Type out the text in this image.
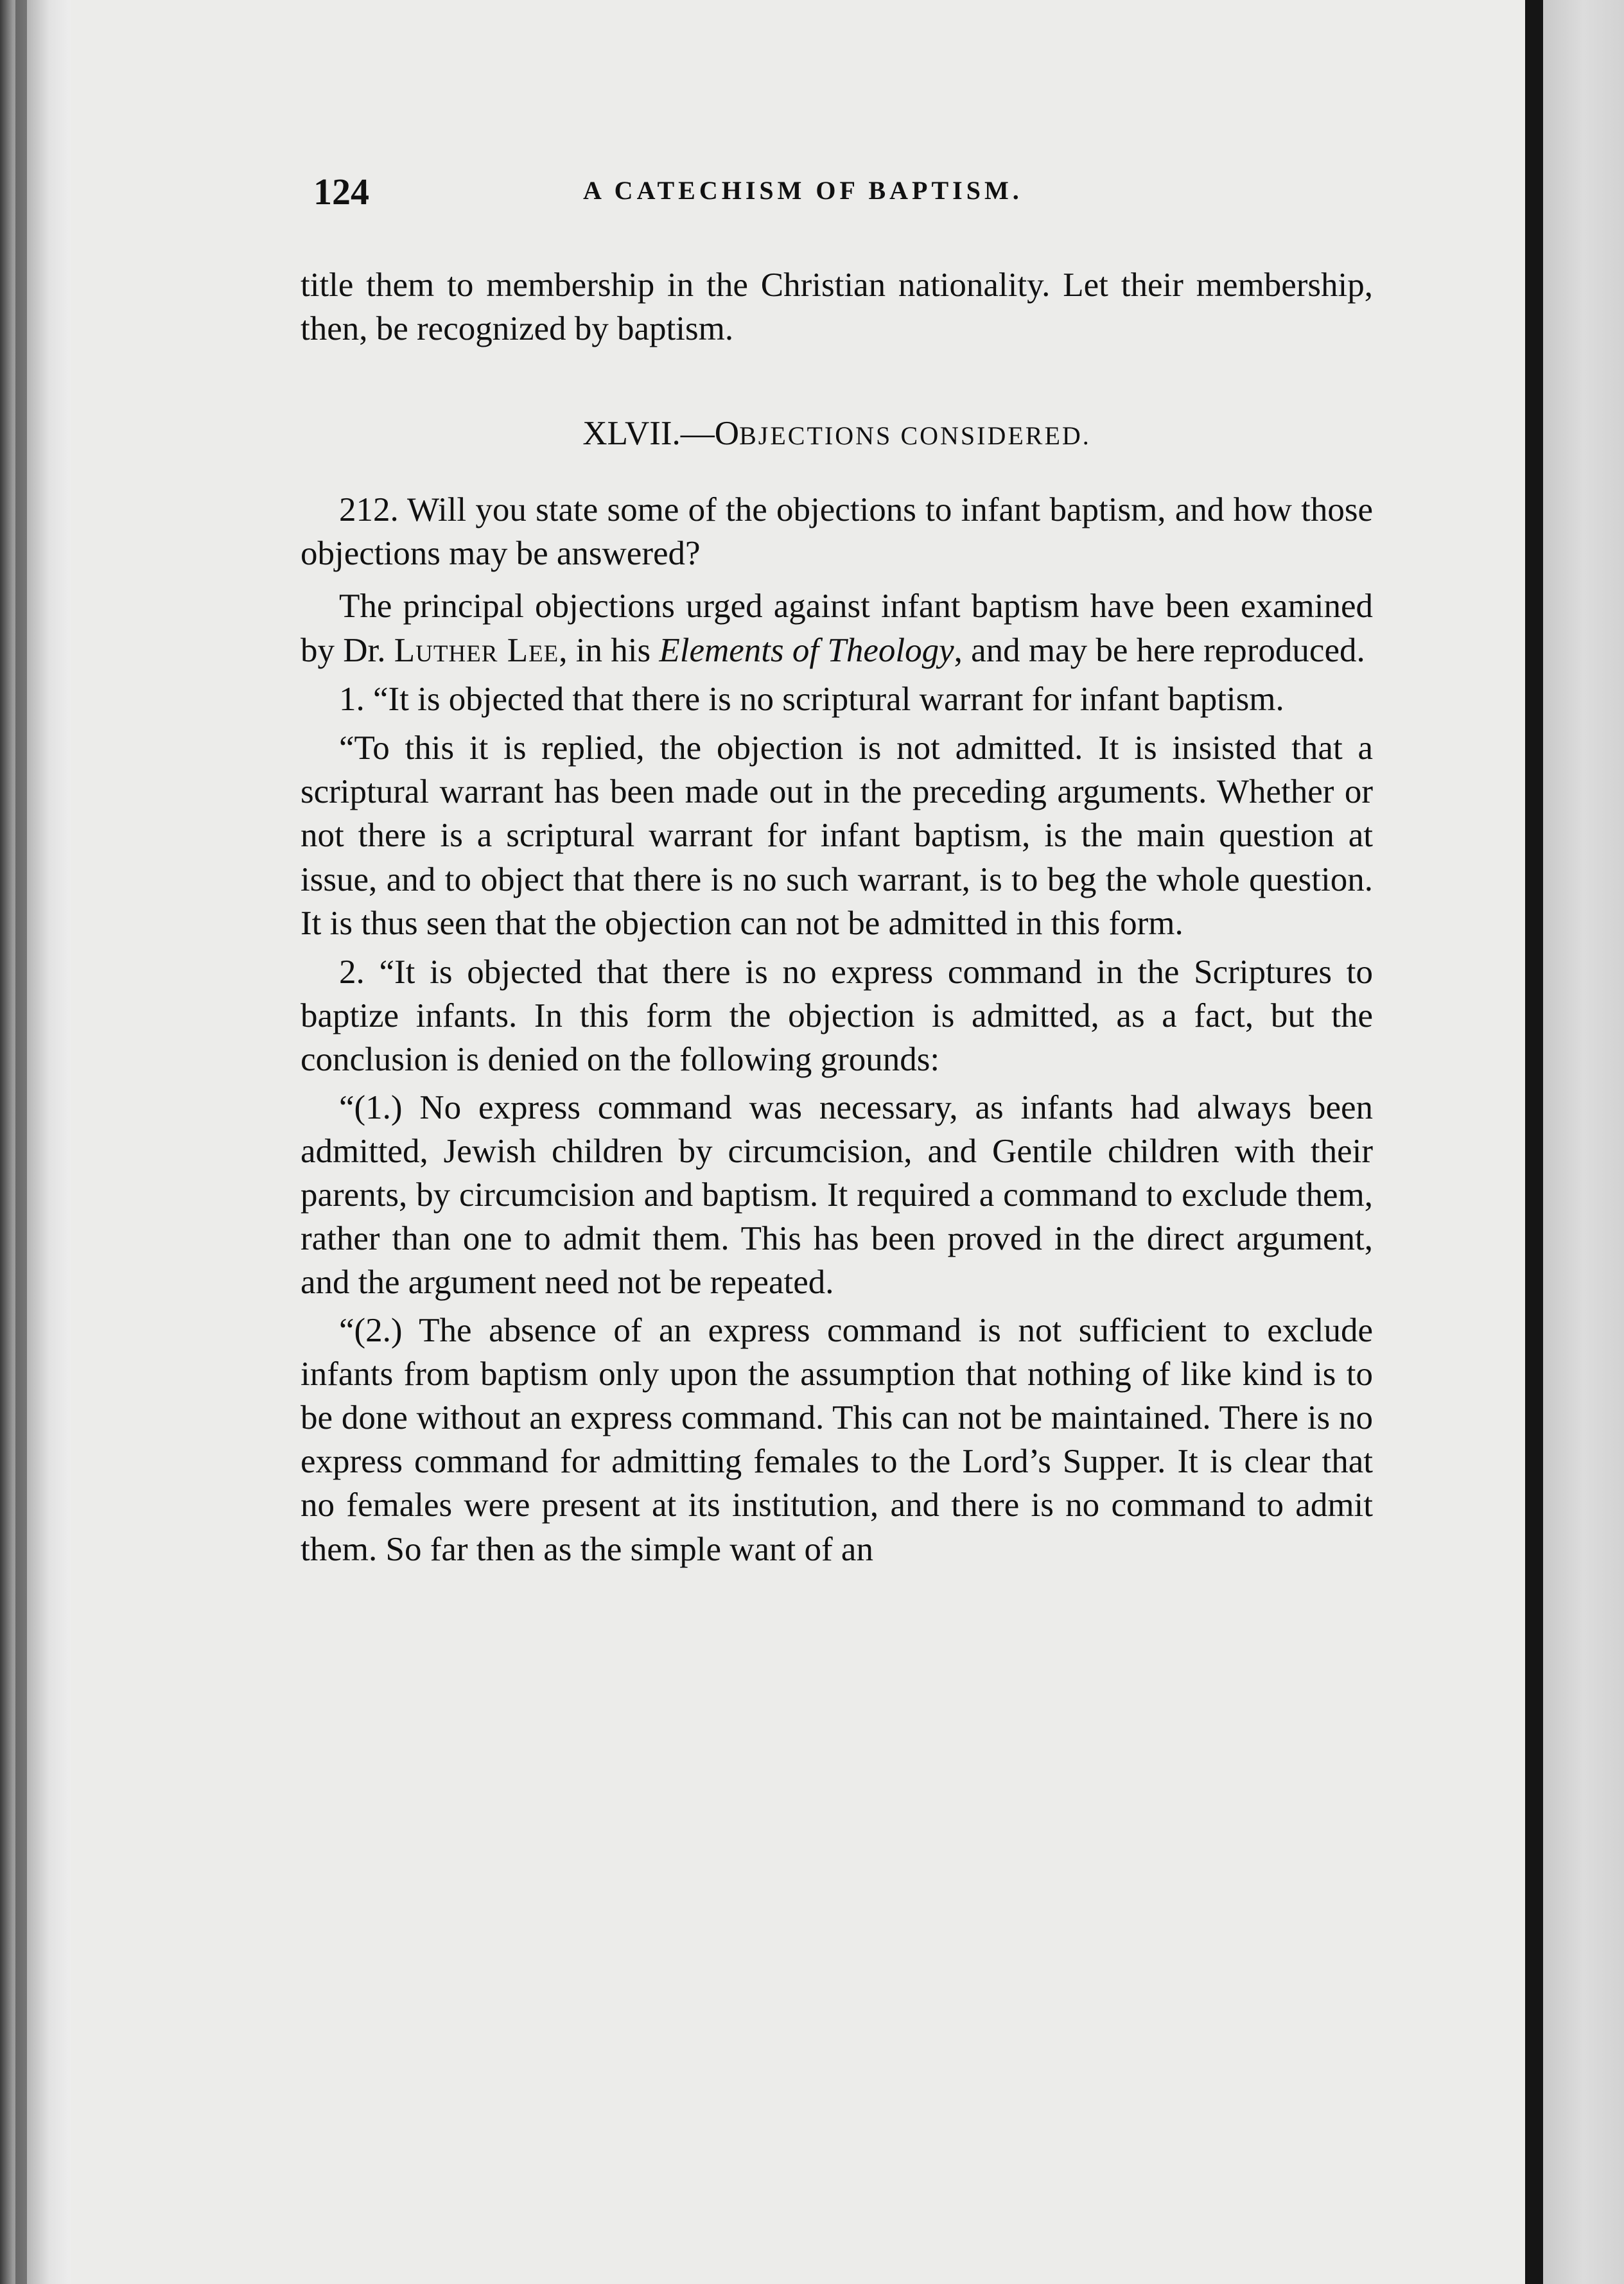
124	A CATECHISM OF BAPTISM.

title them to membership in the Christian nationality. Let their membership, then, be recognized by baptism.

XLVII.—OBJECTIONS CONSIDERED.

212. Will you state some of the objections to infant baptism, and how those objections may be answered?

The principal objections urged against infant baptism have been examined by Dr. Luther Lee, in his Elements of Theology, and may be here reproduced.

1. “It is objected that there is no scriptural warrant for infant baptism.

“To this it is replied, the objection is not admitted. It is insisted that a scriptural warrant has been made out in the preceding arguments. Whether or not there is a scriptural warrant for infant baptism, is the main question at issue, and to object that there is no such warrant, is to beg the whole question. It is thus seen that the objection can not be admitted in this form.

2. “It is objected that there is no express command in the Scriptures to baptize infants. In this form the objection is admitted, as a fact, but the conclusion is denied on the following grounds:

“(1.) No express command was necessary, as infants had always been admitted, Jewish children by circumcision, and Gentile children with their parents, by circumcision and baptism. It required a command to exclude them, rather than one to admit them. This has been proved in the direct argument, and the argument need not be repeated.

“(2.) The absence of an express command is not sufficient to exclude infants from baptism only upon the assumption that nothing of like kind is to be done without an express command. This can not be maintained. There is no express command for admitting females to the Lord’s Supper. It is clear that no females were present at its institution, and there is no command to admit them. So far then as the simple want of an
